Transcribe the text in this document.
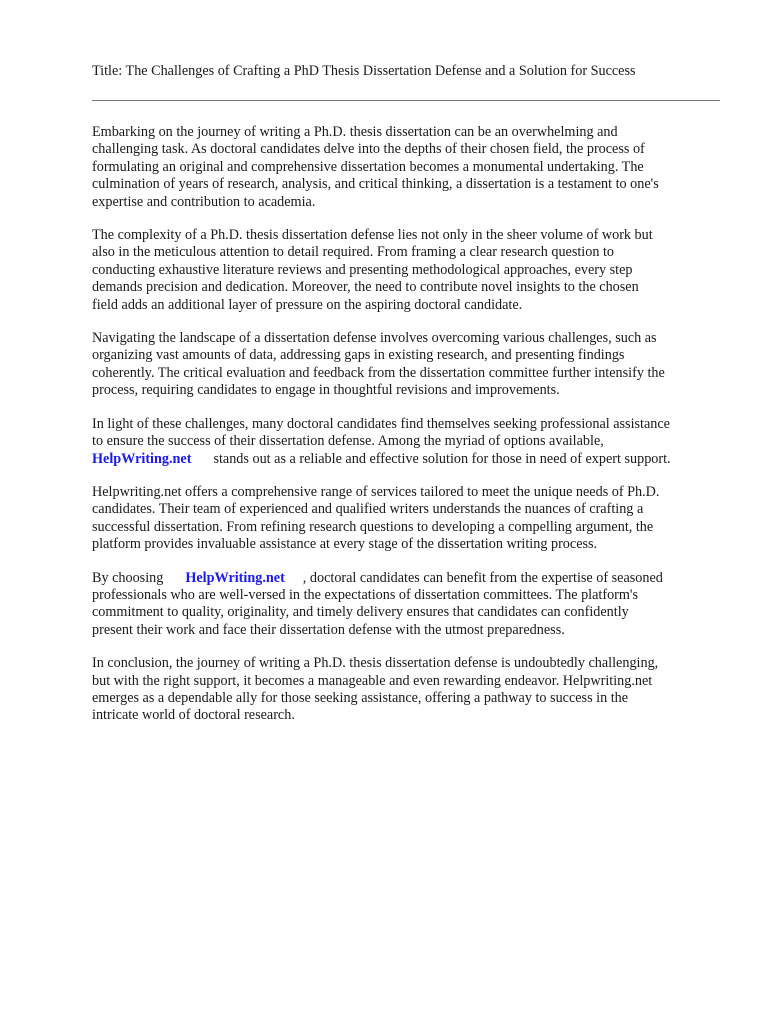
Title: The Challenges of Crafting a PhD Thesis Dissertation Defense and a Solution for Success

Embarking on the journey of writing a Ph.D. thesis dissertation can be an overwhelming and
challenging task. As doctoral candidates delve into the depths of their chosen field, the process of
formulating an original and comprehensive dissertation becomes a monumental undertaking. The
culmination of years of research, analysis, and critical thinking, a dissertation is a testament to one's
expertise and contribution to academia.

The complexity of a Ph.D. thesis dissertation defense lies not only in the sheer volume of work but
also in the meticulous attention to detail required. From framing a clear research question to
conducting exhaustive literature reviews and presenting methodological approaches, every step
demands precision and dedication. Moreover, the need to contribute novel insights to the chosen
field adds an additional layer of pressure on the aspiring doctoral candidate.

Navigating the landscape of a dissertation defense involves overcoming various challenges, such as
organizing vast amounts of data, addressing gaps in existing research, and presenting findings
coherently. The critical evaluation and feedback from the dissertation committee further intensify the
process, requiring candidates to engage in thoughtful revisions and improvements.

In light of these challenges, many doctoral candidates find themselves seeking professional assistance
to ensure the success of their dissertation defense. Among the myriad of options available,
HelpWriting.net stands out as a reliable and effective solution for those in need of expert support.

Helpwriting.net offers a comprehensive range of services tailored to meet the unique needs of Ph.D.
candidates. Their team of experienced and qualified writers understands the nuances of crafting a
successful dissertation. From refining research questions to developing a compelling argument, the
platform provides invaluable assistance at every stage of the dissertation writing process.

By choosing HelpWriting.net , doctoral candidates can benefit from the expertise of seasoned
professionals who are well-versed in the expectations of dissertation committees. The platform's
commitment to quality, originality, and timely delivery ensures that candidates can confidently
present their work and face their dissertation defense with the utmost preparedness.

In conclusion, the journey of writing a Ph.D. thesis dissertation defense is undoubtedly challenging,
but with the right support, it becomes a manageable and even rewarding endeavor. Helpwriting.net
emerges as a dependable ally for those seeking assistance, offering a pathway to success in the
intricate world of doctoral research.
